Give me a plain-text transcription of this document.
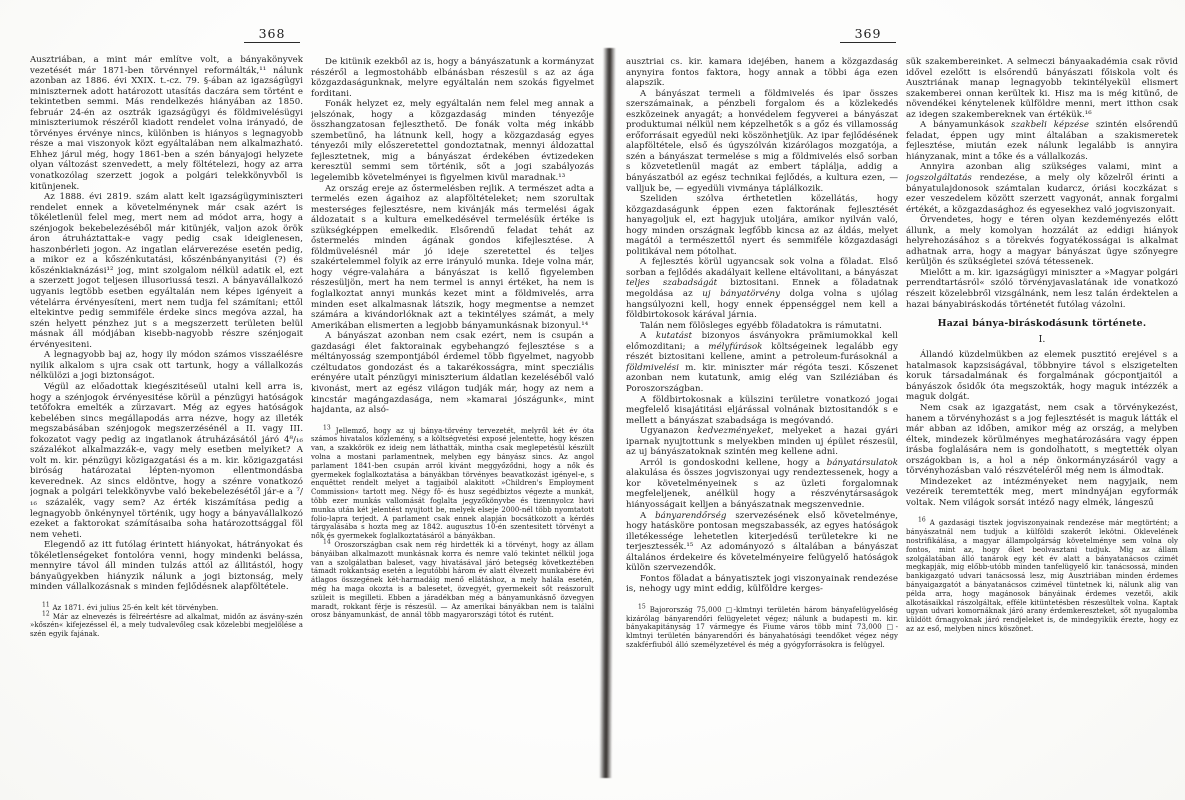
368	369

Ausztriában, a mint már említve volt, a bányakönyvek vezetését már 1871-ben törvénnyel reformálták,¹¹ nálunk azonban az 1886. évi XXIX. t.-cz. 79. §-ában az igazságügyi miniszternek adott határozott utasítás daczára sem történt e tekintetben semmi. Más rendelkezés hiányában az 1850. február 24-én az osztrák igazságügyi és földmivelésügyi miniszteriumok részéről kiadott rendelet volna irányadó, de törvényes érvénye nincs, különben is hiányos s legnagyobb része a mai viszonyok közt egyáltalában nem alkalmazható. Ehhez járul még, hogy 1861-ben a szén bányajogi helyzete olyan változást szenvedett, a mely föltételezi, hogy az arra vonatkozólag szerzett jogok a polgári telekkönyvből is kitünjenek.

Az 1888. évi 2819. szám alatt kelt igazságügyminiszteri rendelet ennek a követelménynek már csak azért is tökéletlenül felel meg, mert nem ad módot arra, hogy a szénjogok bekebelezéséből már kitünjék, valjon azok örök áron átruháztattak-e vagy pedig csak ideiglenesen, haszonbérleti jogon. Az ingatlan elárverezése esetén pedig, a mikor ez a kőszénkutatási, kőszénbányanyitási (?) és kőszénkiaknázási¹² jog, mint szolgalom nélkül adatik el, ezt a szerzett jogot teljesen illusoriussá teszi. A bányavállalkozó ugyanis legtöbb esetben egyáltalán nem képes igényeit a vételárra érvényesíteni, mert nem tudja fel számítani; ettől eltekintve pedig semmiféle érdeke sincs megóva azzal, ha szén helyett pénzhez jut s a megszerzett területen belül másnak áll módjában kisebb-nagyobb részre szénjogait érvényesiteni.

A legnagyobb baj az, hogy ily módon számos visszaélésre nyilik alkalom s ujra csak ott tartunk, hogy a vállalkozás nélkülözi a jogi biztonságot.

Végül az előadottak kiegészitéseül utalni kell arra is, hogy a szénjogok érvényesitése körül a pénzügyi hatóságok tetőfokra emelték a zürzavart. Még az egyes hatóságok kebelében sincs megállapodás arra nézve, hogy az illeték megszabásában szénjogok megszerzésénél a II. vagy III. fokozatot vagy pedig az ingatlanok átruházásától járó 4⁸/₁₆ százalékot alkalmazzák-e, vagy mely esetben melyiket? A volt m. kir. pénzügyi közigazgatási és a m. kir. közigazgatási biróság határozatai lépten-nyomon ellentmondásba keverednek. Az sincs eldöntve, hogy a szénre vonatkozó jognak a polgári telekkönyvbe való bekebelezésétől jár-e a ⁷/₁₆ százalék, vagy sem? Az érték kiszámítása pedig a legnagyobb önkénynyel történik, ugy hogy a bányavállalkozó ezeket a faktorokat számításaiba soha határozottsággal föl nem veheti.

Elegendő az itt futólag érintett hiányokat, hátrányokat és tökéletlenségeket fontolóra venni, hogy mindenki belássa, mennyire távol áll minden tulzás attól az állitástól, hogy bányaügyekben hiányzik nálunk a jogi biztonság, mely minden vállalkozásnak s minden fejlődésnek alapföltétele.

$^{11}$ Az 1871. évi julius 25-én kelt két törvényben.

$^{12}$ Már az elnevezés is félreértésre ad alkalmat, midőn az ásvány-szén »kőszén« kifejezéssel él, a mely tudvalevőleg csak közelebbi megjelölése a szén egyik fajának.

De kitünik ezekből az is, hogy a bányászatunk a kormányzat részéről a legmostohább elbánásban részesül s az az ága közgazdaságunknak, melyre egyáltalán nem szokás figyelmet forditani.

Fonák helyzet ez, mely egyáltalán nem felel meg annak a jelszónak, hogy a közgazdaság minden tényezője összhangzatosan fejleszthető. De fonák volta még inkább szembetünő, ha látnunk kell, hogy a közgazdaság egyes tényezői mily előszeretettel gondoztatnak, mennyi áldozattal fejlesztetnek, mig a bányászat érdekében évtizedeken keresztül semmi sem történik, sőt a jogi szabályozás legelemibb követelményei is figyelmen kivül maradnak.¹³

Az ország ereje az őstermelésben rejlik. A természet adta a termelés ezen ágaihoz az alapföltételeket; nem szorultak mesterséges fejlesztésre, nem kivánják más termelési ágak áldozatait s a kultura emelkedésével termelésük értéke is szükségképpen emelkedik. Elsőrendű feladat tehát az őstermelés minden ágának gondos kifejlesztése. A földmüvelésnél már jó ideje szeretettel és teljes szakértelemmel folyik az erre irányuló munka. Ideje volna már, hogy végre-valahára a bányászat is kellő figyelemben részesüljön, mert ha nem termel is annyi értéket, ha nem is foglalkoztat annyi munkás kezet mint a földmivelés, arra minden eset alkalmasnak látszik, hogy megmentse a nemzet számára a kivándorlóknak azt a tekintélyes számát, a mely Amerikában elismerten a legjobb bányamunkásnak bizonyul.¹⁴

A bányászat azonban nem csak ezért, nem is csupán a gazdasági élet faktorainak egybehangzó fejlesztése s a méltányosság szempontjából érdemel több figyelmet, nagyobb czéltudatos gondozást és a takarékosságra, mint specziális erényére utalt pénzügyi miniszterium áldatlan kezeléséből való kivonást, mert az egész világon tudják már, hogy az nem a kincstár magángazdasága, nem »kamarai jószágunk«, mint hajdanta, az alsó-

$^{13}$ Jellemző, hogy az uj bánya-törvény tervezetét, melyről két év óta számos hivatalos közlemény, s a költségvetési exposé jelentette, hogy készen van, a szakkörök ez ideig nem láthatták, mintha csak meglepetésül készült volna a mostani parlamentnek, melyben egy bányász sincs. Az angol parlament 1841-ben csupán arról kivánt meggyőződni, hogy a nők és gyermekek foglalkoztatása a bányákban törvényes beavatkozást igényel-e, s enquêttet rendelt melyet a tagjaiból alakitott »Children's Employment Commission« tartott meg. Négy fő- és husz segédbiztos végezte a munkát, több ezer munkás vallomását foglalta jegyzőkönyvbe és tizennyolcz havi munka után két jelentést nyujtott be, melyek elseje 2000-nél több nyomtatott folio-lapra terjedt. A parlament csak ennek alapján bocsátkozott a kérdés tárgyalásába s hozta meg az 1842. augusztus 10-én szentesitett törvényt a nők és gyermekek foglalkoztatásáról a bányákban.

$^{14}$ Oroszországban csak nem rég hirdették ki a törvényt, hogy az állam bányáiban alkalmazott munkásnak korra és nemre való tekintet nélkül joga van a szolgálatban baleset, vagy hivatásával járó betegség következtében támadt rokkantság esetén a legutóbbi három év alatt élvezett munkabére évi átlagos összegének két-harmadáig menő ellátáshoz, a mely halála esetén, még ha maga okozta is a balesetet, özvegyét, gyermekeit sőt reászorult szüleit is megilleti. Ebben a járadékban még a bányamunkásnő özvegyen maradt, rokkant férje is részesül. — Az amerikai bányákban nem is találni orosz bányamunkást, de annál több magyarországi tótot és rutént.

ausztriai cs. kir. kamara idejében, hanem a közgazdaság anynyira fontos faktora, hogy annak a többi ága ezen alapszik.

A bányászat termeli a földmivelés és ipar összes szerszámainak, a pénzbeli forgalom és a közlekedés eszközeinek anyagát; a honvédelem fegyverei a bányászat produktumai nélkül nem képzelhetők s a gőz és villamosság erőforrásait egyedül neki köszönhetjük. Az ipar fejlődésének alapföltétele, első és úgyszólván kizárólagos mozgatója, a szén a bányászat termelése s mig a földmivelés első sorban s közvetetlenül magát az embert táplálja, addig a bányászatból az egész technikai fejlődés, a kultura ezen, — valljuk be, — egyedüli vivmánya táplálkozik.

Szeliden szólva érthetetlen közellátás, hogy közgazdaságunk éppen ezen faktorának fejlesztését hanyagoljuk el, ezt hagyjuk utoljára, amikor nyilván való, hogy minden országnak legfőbb kincsa az az áldás, melyet magától a természettől nyert és semmiféle közgazdasági politikával nem pótolhat.

A fejlesztés körül ugyancsak sok volna a föladat. Első sorban a fejlődés akadályait kellene eltávolitani, a bányászat teljes szabadságát biztositani. Ennek a föladatnak megoldása az uj bányatörvény dolga volna s ujólag hangsúlyozni kell, hogy ennek éppenséggel nem kell a földbirtokosok kárával járnia.

Talán nem fölösleges egyébb föladatokra is rámutatni.

A kutatást bizonyos ásványokra prämiumokkal kell előmozditani; a mélyfúrások költségeinek legalább egy részét biztositani kellene, amint a petroleum-furásoknál a földmivelési m. kir. miniszter már régóta teszi. Kőszenet azonban nem kutatunk, amig elég van Sziléziában és Poroszországban.

A földbirtokosnak a külszini területre vonatkozó jogai megfelelő kisajátitási eljárással volnának biztositandók s e mellett a bányászat szabadsága is megóvandó.

Ugyanazon kedvezményeket, melyeket a hazai gyári iparnak nyujtottunk s melyekben minden uj épület részesül, az uj bányászatoknak szintén meg kellene adni.

Arról is gondoskodni kellene, hogy a bányatársulatok alakulása és összes jogviszonyai ugy rendeztessenek, hogy a kor követelményeinek s az üzleti forgalomnak megfeleljenek, anélkül hogy a részvénytársaságok hiányosságait kelljen a bányászatnak megszenvednie.

A bányarendőrség szervezésének első követelménye, hogy hatásköre pontosan megszabassék, az egyes hatóságok illetékessége lehetetlen kiterjedésű területekre ki ne terjesztessék.¹⁵ Az adományozó s általában a bányászat általános érdekeire és követelményeire felügyelő hatóságok külön szervezendők.

Fontos föladat a bányatisztek jogi viszonyainak rendezése is, nehogy ugy mint eddig, külföldre kerges-

$^{15}$ Bajorország 75,000 □-klmtnyi területén három bányafelügyelőség kizárólag bányarendőri felügyeletet végez; nálunk a budapesti m. kir. bányakapitányság 17 vármegye és Fiume város több mint 73,000 □-klmtnyi területén bányarendőri és bányahatósági teendőket végez négy szakférfiuból álló személyzetével és még a gyógyforrásokra is felügyel.

sük szakembereinket. A selmeczi bányaakadémia csak rövid idővel ezelőtt is elsőrendű bányászati főiskola volt és Ausztriának manap legnagyobb tekintélyekül elismert szakemberei onnan kerültek ki. Hisz ma is még kitünő, de növendékei kénytelenek külföldre menni, mert itthon csak az idegen szakembereknek van értékük.¹⁶

A bányamunkások szakbeli képzése szintén elsőrendű feladat, éppen ugy mint általában a szakismeretek fejlesztése, miután ezek nálunk legalább is annyira hiányzanak, mint a tőke és a vállalkozás.

Annyira azonban alig szükséges valami, mint a jogszolgáltatás rendezése, a mely oly közelről érinti a bányatulajdonosok számtalan kudarcz, óriási koczkázat s ezer veszedelem között szerzett vagyonát, annak forgalmi értékét, a közgazdasághoz és egyesekhez való jogviszonyait.

Örvendetes, hogy e téren olyan kezdeményezés előtt állunk, a mely komolyan hozzálát az eddigi hiányok helyrehozásához s a törekvés fogyatékosságai is alkalmat adhatnak arra, hogy a magyar bányászat ügye szőnyegre kerüljön és szükségletei szóvá tétessenek.

Mielőtt a m. kir. igazságügyi miniszter a »Magyar polgári perrendtartásról« szóló törvényjavaslatának ide vonatkozó részeit közelebbről vizsgálnánk, nem lesz talán érdektelen a hazai bányabiráskodás történetét futólag vázolni.

Hazai bánya-biráskodásunk története.

I.

Állandó küzdelmükben az elemek pusztitó erejével s a hatalmasok kapzsiságával, többnyire távol s elszigetelten koruk társadalmának és forgalmának gócpontjaitól a bányászok ősidők óta megszokták, hogy maguk intézzék a maguk dolgát.

Nem csak az igazgatást, nem csak a törvénykezést, hanem a törvényhozást s a jog fejlesztését is maguk látták el már abban az időben, amikor még az ország, a melyben éltek, mindezek körülményes meghatározására vagy éppen irásba foglalására nem is gondolhatott, s megtették olyan országokban is, a hol a nép önkormányzásáról vagy a törvényhozásban való részvételéről még nem is álmodtak.

Mindezeket az intézményeket nem nagyjaik, nem vezéreik teremtették meg, mert mindnyájan egyformák voltak. Nem világok sorsát intéző nagy elmék, lángeszű

$^{16}$ A gazdasági tisztek jogviszonyainak rendezése már megtörtént; a bányászatnál nem tudjuk a külföldi szakerőt lekötni. Oklevelének nostrifikálása, a magyar állampolgárság követelménye sem volna oly fontos, mint az, hogy őket beolvasztani tudjuk. Mig az állam szolgálatában álló tanárok egy két év alatt a bányatanácsos czimét megkapják, mig előbb-utóbb minden tanfelügyelő kir. tanácsossá, minden bankigazgató udvari tanácsossá lesz, mig Ausztriában minden érdemes bányaigazgatót a bányatanácsos czimével tüntetnek ki, nálunk alig van példa arra, hogy magánosok bányáinak érdemes vezetői, akik alkotásaikkal rászolgáltak, efféle kitüntetésben részesültek volna. Kaptak ugyan udvari komornáknak járó arany érdemkereszteket, sőt nyugalomba küldött őrnagyoknak járó rendjeleket is, de mindegyikük érezte, hogy ez az az eső, melyben nincs köszönet.
